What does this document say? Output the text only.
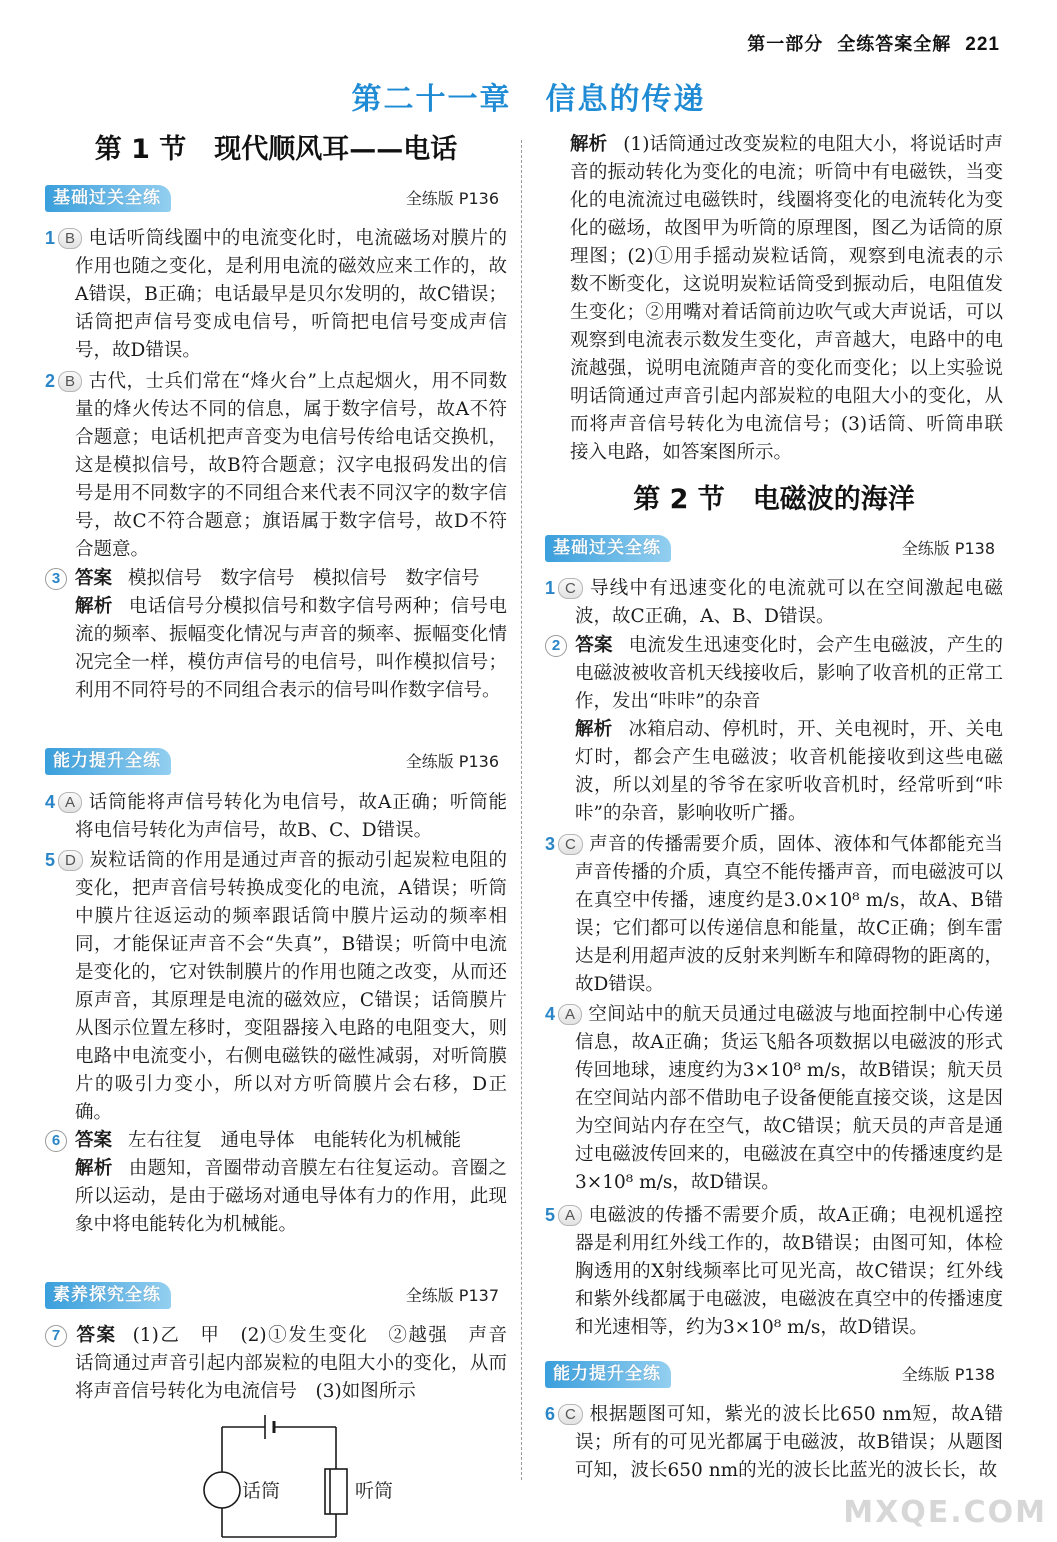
第一部分 全练答案全解 221
第二十一章 信息的传递
第 1 节 现代顺风耳——电话
基础过关全练	全练版 P136

1 B 电话听筒线圈中的电流变化时，电流磁场对膜片的作用也随之变化，是利用电流的磁效应来工作的，故A错误，B正确；电话最早是贝尔发明的，故C错误；话筒把声信号变成电信号，听筒把电信号变成声信号，故D错误。

2 B 古代，士兵们常在“烽火台”上点起烟火，用不同数量的烽火传达不同的信息，属于数字信号，故A不符合题意；电话机把声音变为电信号传给电话交换机，这是模拟信号，故B符合题意；汉字电报码发出的信号是用不同数字的不同组合来代表不同汉字的数字信号，故C不符合题意；旗语属于数字信号，故D不符合题意。

3 答案 模拟信号　数字信号　模拟信号　数字信号

解析 电话信号分模拟信号和数字信号两种；信号电流的频率、振幅变化情况与声音的频率、振幅变化情况完全一样，模仿声信号的电信号，叫作模拟信号；利用不同符号的不同组合表示的信号叫作数字信号。

能力提升全练	全练版 P136

4 A 话筒能将声信号转化为电信号，故A正确；听筒能将电信号转化为声信号，故B、C、D错误。

5 D 炭粒话筒的作用是通过声音的振动引起炭粒电阻的变化，把声音信号转换成变化的电流，A错误；听筒中膜片往返运动的频率跟话筒中膜片运动的频率相同，才能保证声音不会“失真”，B错误；听筒中电流是变化的，它对铁制膜片的作用也随之改变，从而还原声音，其原理是电流的磁效应，C错误；话筒膜片从图示位置左移时，变阻器接入电路的电阻变大，则电路中电流变小，右侧电磁铁的磁性减弱，对听筒膜片的吸引力变小，所以对方听筒膜片会右移，D正确。

6 答案 左右往复　通电导体　电能转化为机械能

解析 由题知，音圈带动音膜左右往复运动。音圈之所以运动，是由于磁场对通电导体有力的作用，此现象中将电能转化为机械能。

素养探究全练	全练版 P137

7 答案 (1)乙　甲　(2)①发生变化　②越强　声音　话筒通过声音引起内部炭粒的电阻大小的变化，从而将声音信号转化为电流信号　(3)如图所示

话筒	听筒

解析 (1)话筒通过改变炭粒的电阻大小，将说话时声音的振动转化为变化的电流；听筒中有电磁铁，当变化的电流流过电磁铁时，线圈将变化的电流转化为变化的磁场，故图甲为听筒的原理图，图乙为话筒的原理图；(2)①用手摇动炭粒话筒，观察到电流表的示数不断变化，这说明炭粒话筒受到振动后，电阻值发生变化；②用嘴对着话筒前边吹气或大声说话，可以观察到电流表示数发生变化，声音越大，电路中的电流越强，说明电流随声音的变化而变化；以上实验说明话筒通过声音引起内部炭粒的电阻大小的变化，从而将声音信号转化为电流信号；(3)话筒、听筒串联接入电路，如答案图所示。

第 2 节 电磁波的海洋
基础过关全练	全练版 P138

1 C 导线中有迅速变化的电流就可以在空间激起电磁波，故C正确，A、B、D错误。

2 答案 电流发生迅速变化时，会产生电磁波，产生的电磁波被收音机天线接收后，影响了收音机的正常工作，发出“咔咔”的杂音

解析 冰箱启动、停机时，开、关电视时，开、关电灯时，都会产生电磁波；收音机能接收到这些电磁波，所以刘星的爷爷在家听收音机时，经常听到“咔咔”的杂音，影响收听广播。

3 C 声音的传播需要介质，固体、液体和气体都能充当声音传播的介质，真空不能传播声音，而电磁波可以在真空中传播，速度约是3.0×10⁸ m/s，故A、B错误；它们都可以传递信息和能量，故C正确；倒车雷达是利用超声波的反射来判断车和障碍物的距离的，故D错误。

4 A 空间站中的航天员通过电磁波与地面控制中心传递信息，故A正确；货运飞船各项数据以电磁波的形式传回地球，速度约为3×10⁸ m/s，故B错误；航天员在空间站内部不借助电子设备便能直接交谈，这是因为空间站内存在空气，故C错误；航天员的声音是通过电磁波传回来的，电磁波在真空中的传播速度约是3×10⁸ m/s，故D错误。

5 A 电磁波的传播不需要介质，故A正确；电视机遥控器是利用红外线工作的，故B错误；由图可知，体检胸透用的X射线频率比可见光高，故C错误；红外线和紫外线都属于电磁波，电磁波在真空中的传播速度和光速相等，约为3×10⁸ m/s，故D错误。

能力提升全练	全练版 P138

6 C 根据题图可知，紫光的波长比650 nm短，故A错误；所有的可见光都属于电磁波，故B错误；从题图可知，波长650 nm的光的波长比蓝光的波长长，故

MXQE.COM
